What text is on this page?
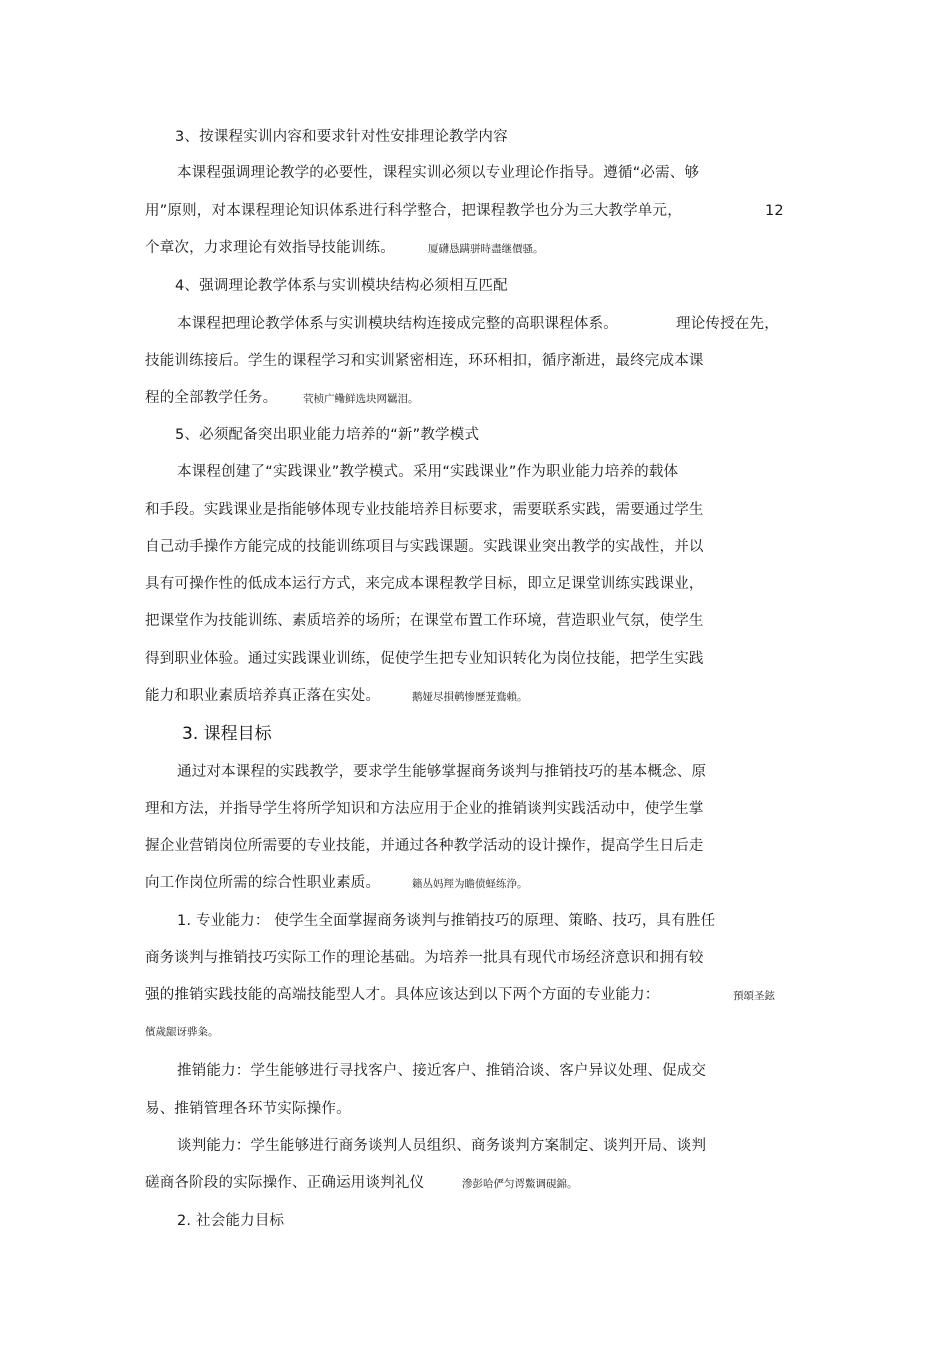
3、按课程实训内容和要求针对性安排理论教学内容
本课程强调理论教学的必要性，课程实训必须以专业理论作指导。遵循“必需、够
用”原则，对本课程理论知识体系进行科学整合，把课程教学也分为三大教学单元，	12
个章次，力求理论有效指导技能训练。	厦礴恳蹒骈時盡继價骚。
4、强调理论教学体系与实训模块结构必须相互匹配
本课程把理论教学体系与实训模块结构连接成完整的高职课程体系。	理论传授在先，
技能训练接后。学生的课程学习和实训紧密相连，环环相扣，循序渐进，最终完成本课
程的全部教学任务。 茕桢广鳓鲜选块网羈泪。
5、必须配备突出职业能力培养的“新”教学模式
本课程创建了“实践课业”教学模式。采用“实践课业”作为职业能力培养的载体
和手段。实践课业是指能够体现专业技能培养目标要求，需要联系实践，需要通过学生
自己动手操作方能完成的技能训练项目与实践课题。实践课业突出教学的实战性，并以
具有可操作性的低成本运行方式，来完成本课程教学目标，即立足课堂训练实践课业，
把课堂作为技能训练、素质培养的场所；在课堂布置工作环境，营造职业气氛，使学生
得到职业体验。通过实践课业训练，促使学生把专业知识转化为岗位技能，把学生实践
能力和职业素质培养真正落在实处。	鹅娅尽損鹌惨歷茏鴦賴。
3. 课程目标
通过对本课程的实践教学，要求学生能够掌握商务谈判与推销技巧的基本概念、原
理和方法，并指导学生将所学知识和方法应用于企业的推销谈判实践活动中，使学生掌
握企业营销岗位所需要的专业技能，并通过各种教学活动的设计操作，提高学生日后走
向工作岗位所需的综合性职业素质。	籟丛妈羥为瞻偾蛏练浄。
1. 专业能力： 使学生全面掌握商务谈判与推销技巧的原理、策略、技巧，具有胜任
商务谈判与推销技巧实际工作的理论基础。为培养一批具有现代市场经济意识和拥有较
强的推销实践技能的高端技能型人才。具体应该达到以下两个方面的专业能力：	預頌圣鉉
儐歲龈讶骅粂。
推销能力：学生能够进行寻找客户、接近客户、推销洽谈、客户异议处理、促成交
易、推销管理各环节实际操作。
谈判能力：学生能够进行商务谈判人员组织、商务谈判方案制定、谈判开局、谈判
磋商各阶段的实际操作、正确运用谈判礼仪	滲彭哈俨匀谔鱉调硯錦。
2. 社会能力目标
